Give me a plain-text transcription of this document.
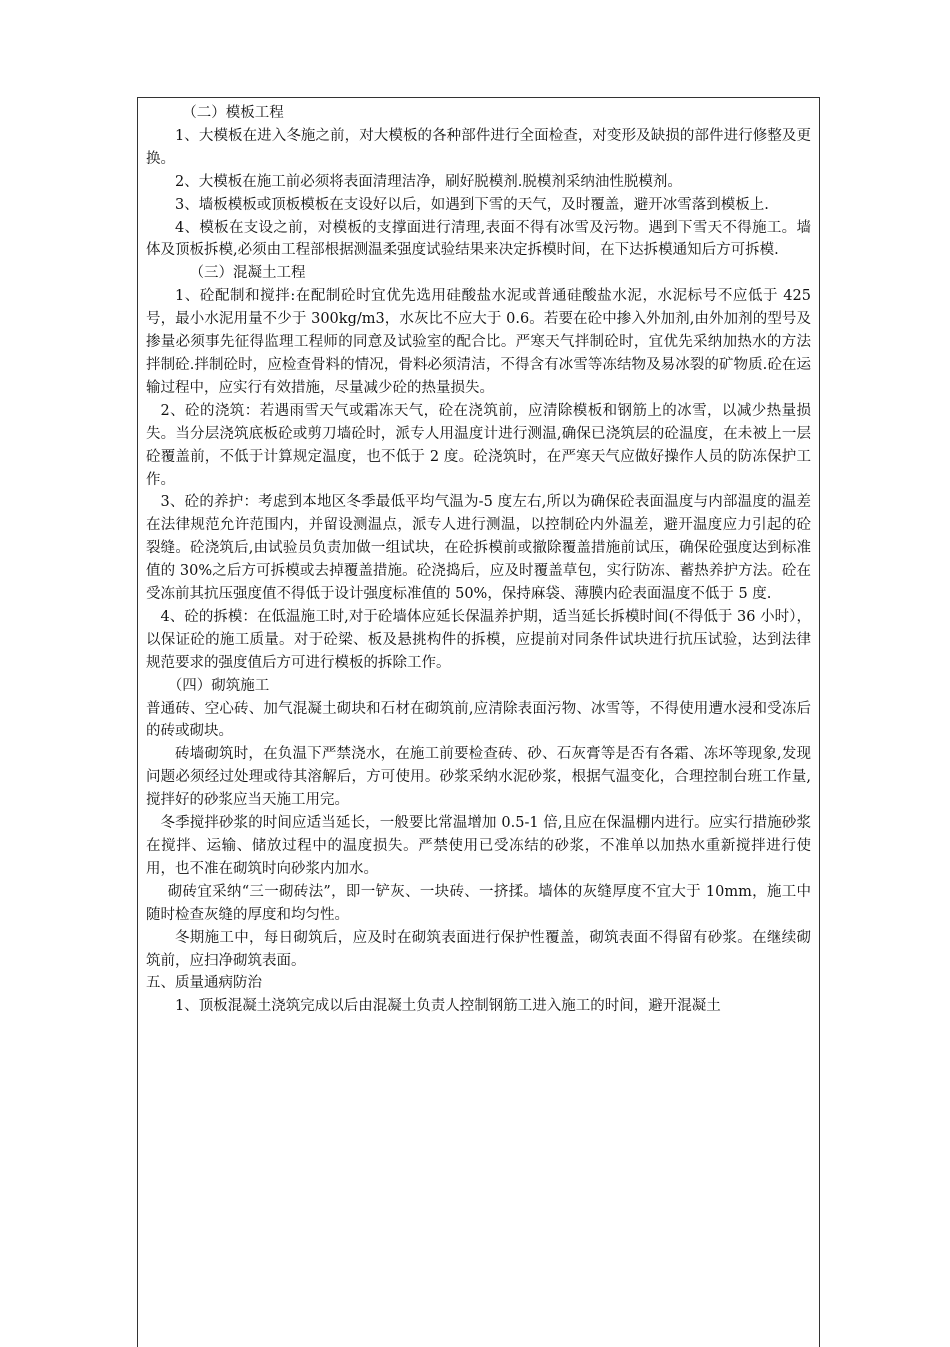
（二）模板工程

1、大模板在进入冬施之前，对大模板的各种部件进行全面检查，对变形及缺损的部件进行修整及更换。

2、大模板在施工前必须将表面清理洁净，刷好脱模剂.脱模剂采纳油性脱模剂。

3、墙板模板或顶板模板在支设好以后，如遇到下雪的天气，及时覆盖，避开冰雪落到模板上.

4、模板在支设之前，对模板的支撑面进行清理,表面不得有冰雪及污物。遇到下雪天不得施工。墙体及顶板拆模,必须由工程部根据测温柔强度试验结果来决定拆模时间，在下达拆模通知后方可拆模.

（三）混凝土工程

1、砼配制和搅拌:在配制砼时宜优先选用硅酸盐水泥或普通硅酸盐水泥，水泥标号不应低于 425 号，最小水泥用量不少于 300kg/m3，水灰比不应大于 0.6。若要在砼中掺入外加剂,由外加剂的型号及掺量必须事先征得监理工程师的同意及试验室的配合比。严寒天气拌制砼时，宜优先采纳加热水的方法拌制砼.拌制砼时，应检查骨料的情况，骨料必须清洁，不得含有冰雪等冻结物及易冰裂的矿物质.砼在运输过程中，应实行有效措施，尽量减少砼的热量损失。

2、砼的浇筑：若遇雨雪天气或霜冻天气，砼在浇筑前，应清除模板和钢筋上的冰雪，以减少热量损失。当分层浇筑底板砼或剪刀墙砼时，派专人用温度计进行测温,确保已浇筑层的砼温度，在未被上一层砼覆盖前，不低于计算规定温度，也不低于 2 度。砼浇筑时，在严寒天气应做好操作人员的防冻保护工作。

3、砼的养护：考虑到本地区冬季最低平均气温为-5 度左右,所以为确保砼表面温度与内部温度的温差在法律规范允许范围内，并留设测温点，派专人进行测温，以控制砼内外温差，避开温度应力引起的砼裂缝。砼浇筑后,由试验员负责加做一组试块，在砼拆模前或撤除覆盖措施前试压，确保砼强度达到标准值的 30%之后方可拆模或去掉覆盖措施。砼浇捣后，应及时覆盖草包，实行防冻、蓄热养护方法。砼在受冻前其抗压强度值不得低于设计强度标准值的 50%，保持麻袋、薄膜内砼表面温度不低于 5 度.

4、砼的拆模：在低温施工时,对于砼墙体应延长保温养护期，适当延长拆模时间(不得低于 36 小时），以保证砼的施工质量。对于砼梁、板及悬挑构件的拆模，应提前对同条件试块进行抗压试验，达到法律规范要求的强度值后方可进行模板的拆除工作。

（四）砌筑施工

普通砖、空心砖、加气混凝土砌块和石材在砌筑前,应清除表面污物、冰雪等，不得使用遭水浸和受冻后的砖或砌块。

砖墙砌筑时，在负温下严禁浇水，在施工前要检查砖、砂、石灰膏等是否有各霜、冻坏等现象,发现问题必须经过处理或待其溶解后，方可使用。砂浆采纳水泥砂浆，根据气温变化，合理控制台班工作量,搅拌好的砂浆应当天施工用完。

冬季搅拌砂浆的时间应适当延长，一般要比常温增加 0.5-1 倍,且应在保温棚内进行。应实行措施砂浆在搅拌、运输、储放过程中的温度损失。严禁使用已受冻结的砂浆，不准单以加热水重新搅拌进行使用，也不准在砌筑时向砂浆内加水。

砌砖宜采纳“三一砌砖法”，即一铲灰、一块砖、一挤揉。墙体的灰缝厚度不宜大于 10mm，施工中随时检查灰缝的厚度和均匀性。

冬期施工中，每日砌筑后，应及时在砌筑表面进行保护性覆盖，砌筑表面不得留有砂浆。在继续砌筑前，应扫净砌筑表面。

五、质量通病防治

1、顶板混凝土浇筑完成以后由混凝土负责人控制钢筋工进入施工的时间，避开混凝土
